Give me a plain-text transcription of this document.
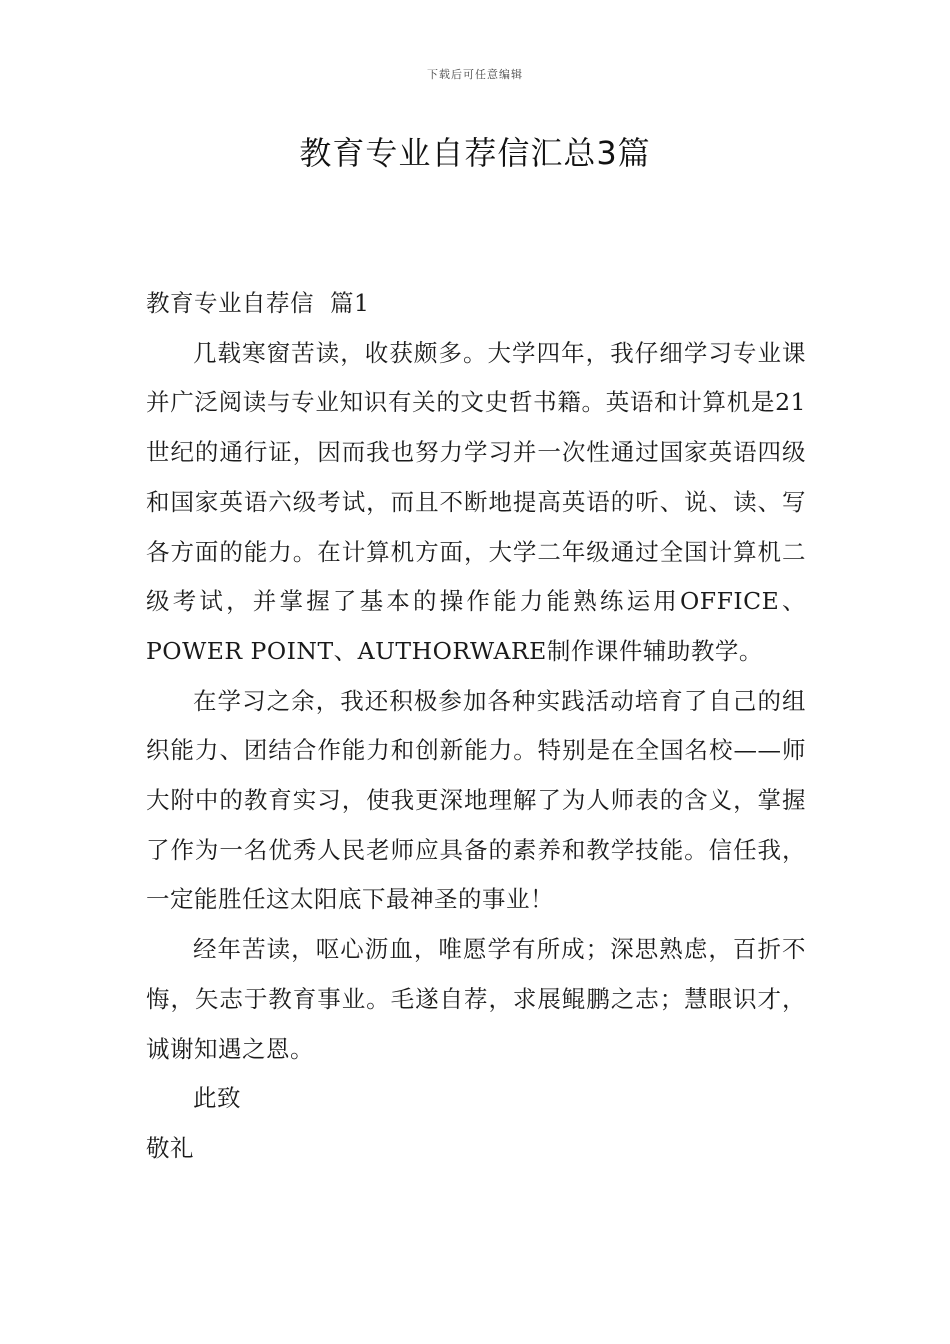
下载后可任意编辑
教育专业自荐信汇总3篇

教育专业自荐信  篇1

几载寒窗苦读，收获颇多。大学四年，我仔细学习专业课并广泛阅读与专业知识有关的文史哲书籍。英语和计算机是21世纪的通行证，因而我也努力学习并一次性通过国家英语四级和国家英语六级考试，而且不断地提高英语的听、说、读、写各方面的能力。在计算机方面，大学二年级通过全国计算机二级考试，并掌握了基本的操作能力能熟练运用OFFICE、POWER POINT、AUTHORWARE制作课件辅助教学。

在学习之余，我还积极参加各种实践活动培育了自己的组织能力、团结合作能力和创新能力。特别是在全国名校——师大附中的教育实习，使我更深地理解了为人师表的含义，掌握了作为一名优秀人民老师应具备的素养和教学技能。信任我，一定能胜任这太阳底下最神圣的事业！

经年苦读，呕心沥血，唯愿学有所成；深思熟虑，百折不悔，矢志于教育事业。毛遂自荐，求展鲲鹏之志；慧眼识才，诚谢知遇之恩。

此致

敬礼
